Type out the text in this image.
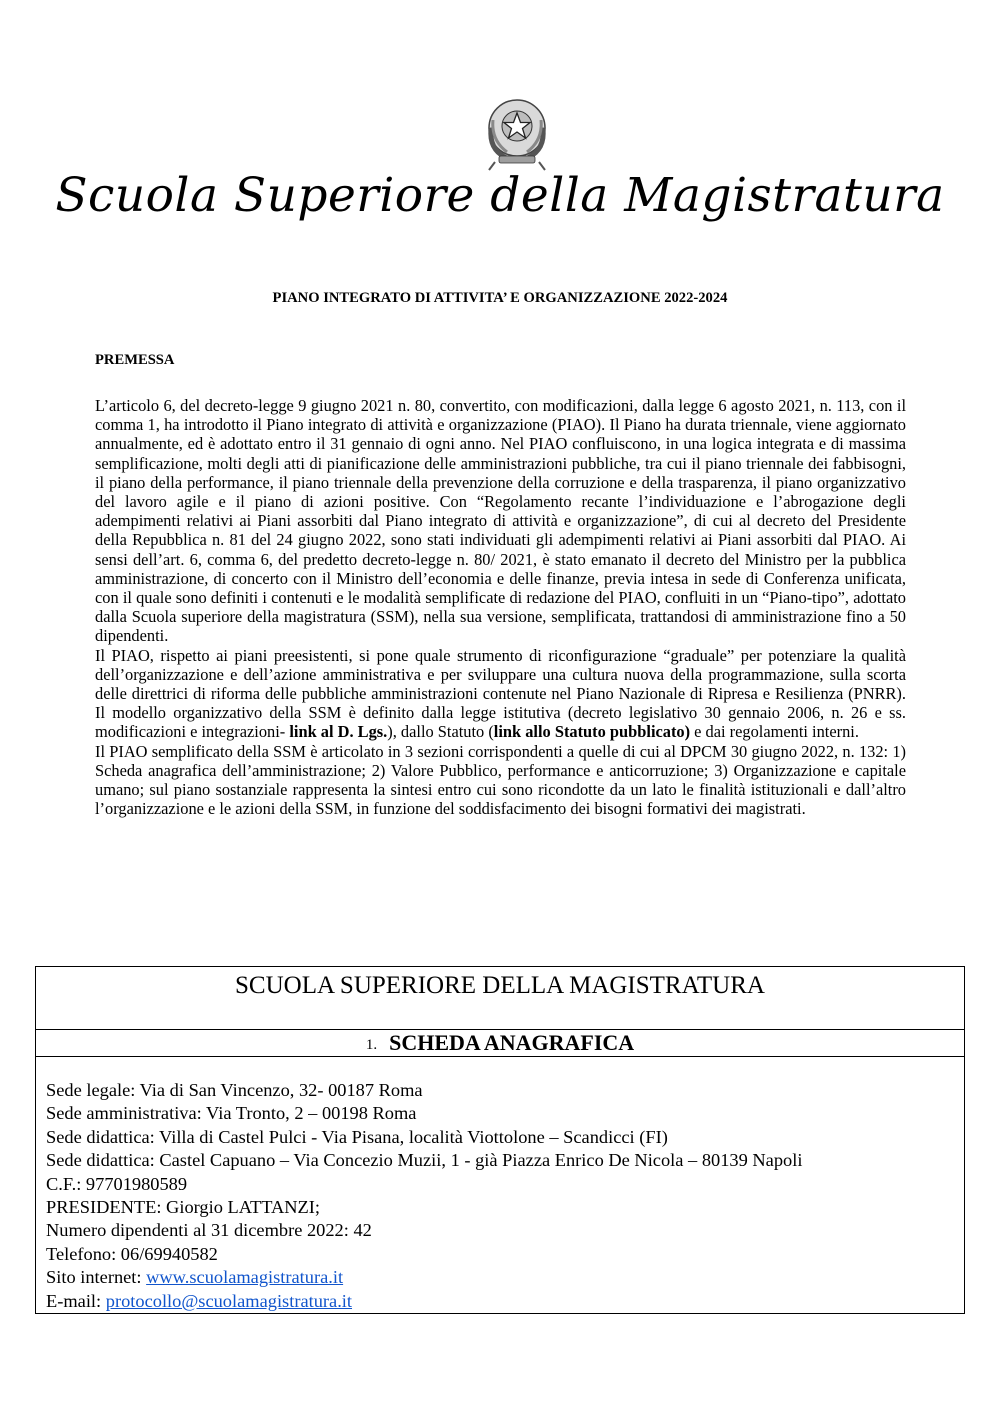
Scuola Superiore della Magistratura
PIANO INTEGRATO DI ATTIVITA’ E ORGANIZZAZIONE 2022-2024
PREMESSA

L’articolo 6, del decreto-legge 9 giugno 2021 n. 80, convertito, con modificazioni, dalla legge 6 agosto 2021, n. 113, con il comma 1, ha introdotto il Piano integrato di attività e organizzazione (PIAO). Il Piano ha durata triennale, viene aggiornato annualmente, ed è adottato entro il 31 gennaio di ogni anno. Nel PIAO confluiscono, in una logica integrata e di massima semplificazione, molti degli atti di pianificazione delle amministrazioni pubbliche, tra cui il piano triennale dei fabbisogni, il piano della performance, il piano triennale della prevenzione della corruzione e della trasparenza, il piano organizzativo del lavoro agile e il piano di azioni positive. Con “Regolamento recante l’individuazione e l’abrogazione degli adempimenti relativi ai Piani assorbiti dal Piano integrato di attività e organizzazione”, di cui al decreto del Presidente della Repubblica n. 81 del 24 giugno 2022, sono stati individuati gli adempimenti relativi ai Piani assorbiti dal PIAO. Ai sensi dell’art. 6, comma 6, del predetto decreto-legge n. 80/ 2021, è stato emanato il decreto del Ministro per la pubblica amministrazione, di concerto con il Ministro dell’economia e delle finanze, previa intesa in sede di Conferenza unificata, con il quale sono definiti i contenuti e le modalità semplificate di redazione del PIAO, confluiti in un “Piano-tipo”, adottato dalla Scuola superiore della magistratura (SSM), nella sua versione, semplificata, trattandosi di amministrazione fino a 50 dipendenti.

Il PIAO, rispetto ai piani preesistenti, si pone quale strumento di riconfigurazione “graduale” per potenziare la qualità dell’organizzazione e dell’azione amministrativa e per sviluppare una cultura nuova della programmazione, sulla scorta delle direttrici di riforma delle pubbliche amministrazioni contenute nel Piano Nazionale di Ripresa e Resilienza (PNRR). Il modello organizzativo della SSM è definito dalla legge istitutiva (decreto legislativo 30 gennaio 2006, n. 26 e ss. modificazioni e integrazioni- link al D. Lgs.), dallo Statuto (link allo Statuto pubblicato) e dai regolamenti interni.

Il PIAO semplificato della SSM è articolato in 3 sezioni corrispondenti a quelle di cui al DPCM 30 giugno 2022, n. 132: 1) Scheda anagrafica dell’amministrazione; 2) Valore Pubblico, performance e anticorruzione; 3) Organizzazione e capitale umano; sul piano sostanziale rappresenta la sintesi entro cui sono ricondotte da un lato le finalità istituzionali e dall’altro l’organizzazione e le azioni della SSM, in funzione del soddisfacimento dei bisogni formativi dei magistrati.

SCUOLA SUPERIORE DELLA MAGISTRATURA
1. SCHEDA ANAGRAFICA
Sede legale: Via di San Vincenzo, 32- 00187 Roma
Sede amministrativa: Via Tronto, 2 – 00198 Roma
Sede didattica: Villa di Castel Pulci - Via Pisana, località Viottolone – Scandicci (FI)
Sede didattica: Castel Capuano – Via Concezio Muzii, 1 - già Piazza Enrico De Nicola – 80139 Napoli
C.F.: 97701980589
PRESIDENTE: Giorgio LATTANZI;
Numero dipendenti al 31 dicembre 2022: 42
Telefono: 06/69940582
Sito internet: www.scuolamagistratura.it
E-mail: protocollo@scuolamagistratura.it
